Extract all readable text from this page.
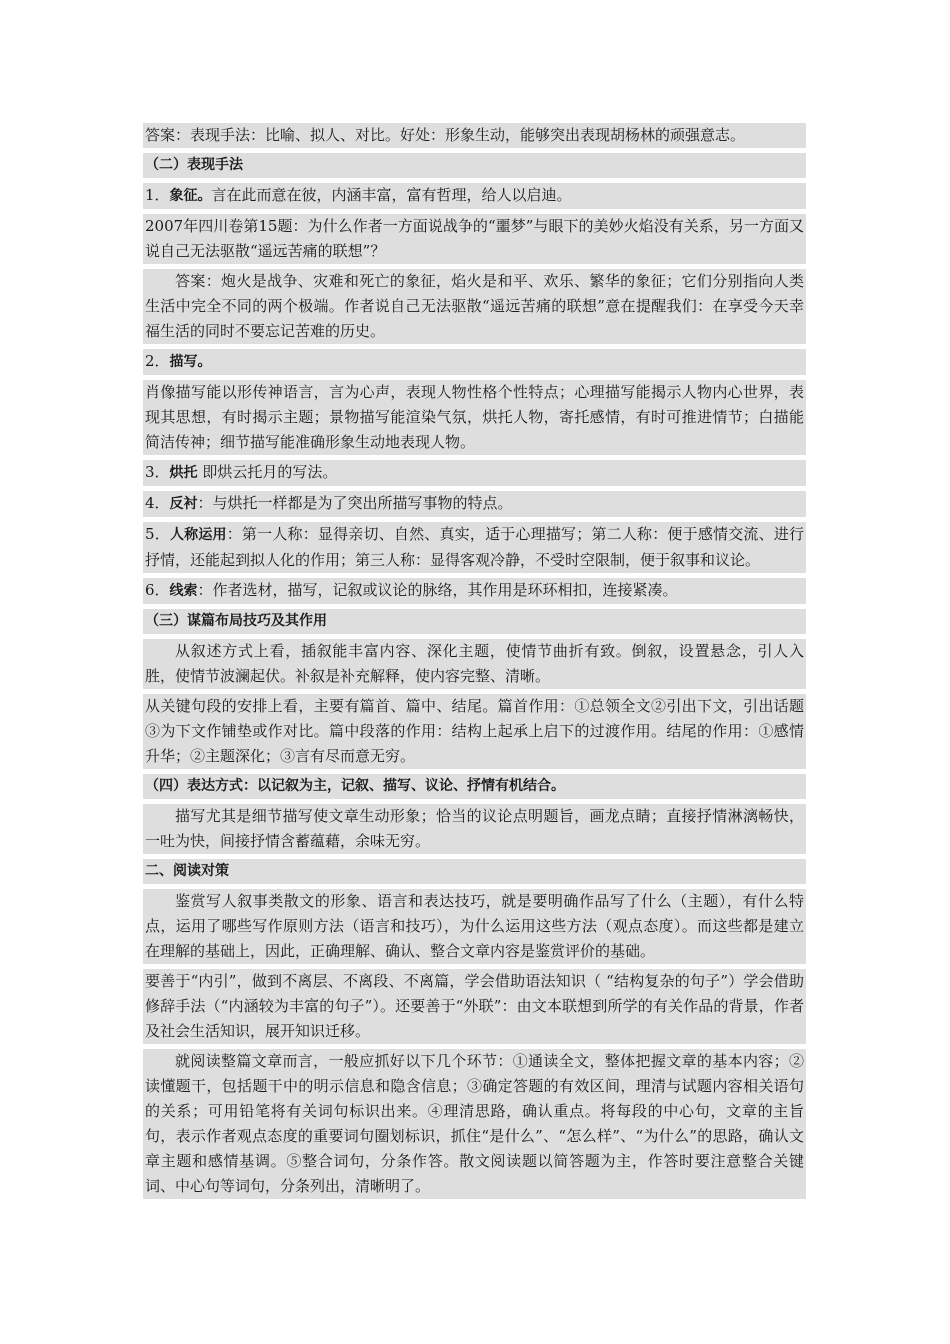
答案：表现手法：比喻、拟人、对比。好处：形象生动，能够突出表现胡杨林的顽强意志。

（二）表现手法

1．象征。言在此而意在彼，内涵丰富，富有哲理，给人以启迪。

2007年四川卷第15题：为什么作者一方面说战争的“噩梦”与眼下的美妙火焰没有关系，另一方面又说自己无法驱散“遥远苦痛的联想”？

答案：炮火是战争、灾难和死亡的象征，焰火是和平、欢乐、繁华的象征；它们分别指向人类生活中完全不同的两个极端。作者说自己无法驱散“遥远苦痛的联想”意在提醒我们：在享受今天幸福生活的同时不要忘记苦难的历史。

2．描写。

肖像描写能以形传神语言，言为心声，表现人物性格个性特点；心理描写能揭示人物内心世界，表现其思想，有时揭示主题；景物描写能渲染气氛，烘托人物，寄托感情，有时可推进情节；白描能简洁传神；细节描写能准确形象生动地表现人物。

3．烘托 即烘云托月的写法。

4．反衬：与烘托一样都是为了突出所描写事物的特点。

5．人称运用：第一人称：显得亲切、自然、真实，适于心理描写；第二人称：便于感情交流、进行抒情，还能起到拟人化的作用；第三人称：显得客观冷静，不受时空限制，便于叙事和议论。

6．线索：作者选材，描写，记叙或议论的脉络，其作用是环环相扣，连接紧凑。

（三）谋篇布局技巧及其作用

从叙述方式上看，插叙能丰富内容、深化主题，使情节曲折有致。倒叙，设置悬念，引人入胜，使情节波澜起伏。补叙是补充解释，使内容完整、清晰。

从关键句段的安排上看，主要有篇首、篇中、结尾。篇首作用：①总领全文②引出下文，引出话题③为下文作铺垫或作对比。篇中段落的作用：结构上起承上启下的过渡作用。结尾的作用：①感情升华；②主题深化；③言有尽而意无穷。

（四）表达方式：以记叙为主，记叙、描写、议论、抒情有机结合。

描写尤其是细节描写使文章生动形象；恰当的议论点明题旨，画龙点睛；直接抒情淋漓畅快，一吐为快，间接抒情含蓄蕴藉，余味无穷。

二、阅读对策

鉴赏写人叙事类散文的形象、语言和表达技巧，就是要明确作品写了什么（主题），有什么特点，运用了哪些写作原则方法（语言和技巧），为什么运用这些方法（观点态度）。而这些都是建立在理解的基础上，因此，正确理解、确认、整合文章内容是鉴赏评价的基础。

要善于“内引”，做到不离层、不离段、不离篇，学会借助语法知识（ “结构复杂的句子”）学会借助修辞手法（“内涵较为丰富的句子”）。还要善于“外联”：由文本联想到所学的有关作品的背景，作者及社会生活知识，展开知识迁移。

就阅读整篇文章而言，一般应抓好以下几个环节：①通读全文，整体把握文章的基本内容；②读懂题干，包括题干中的明示信息和隐含信息；③确定答题的有效区间，理清与试题内容相关语句的关系；可用铅笔将有关词句标识出来。④理清思路，确认重点。将每段的中心句，文章的主旨句，表示作者观点态度的重要词句圈划标识，抓住“是什么”、“怎么样”、“为什么”的思路，确认文章主题和感情基调。⑤整合词句，分条作答。散文阅读题以简答题为主，作答时要注意整合关键词、中心句等词句，分条列出，清晰明了。
